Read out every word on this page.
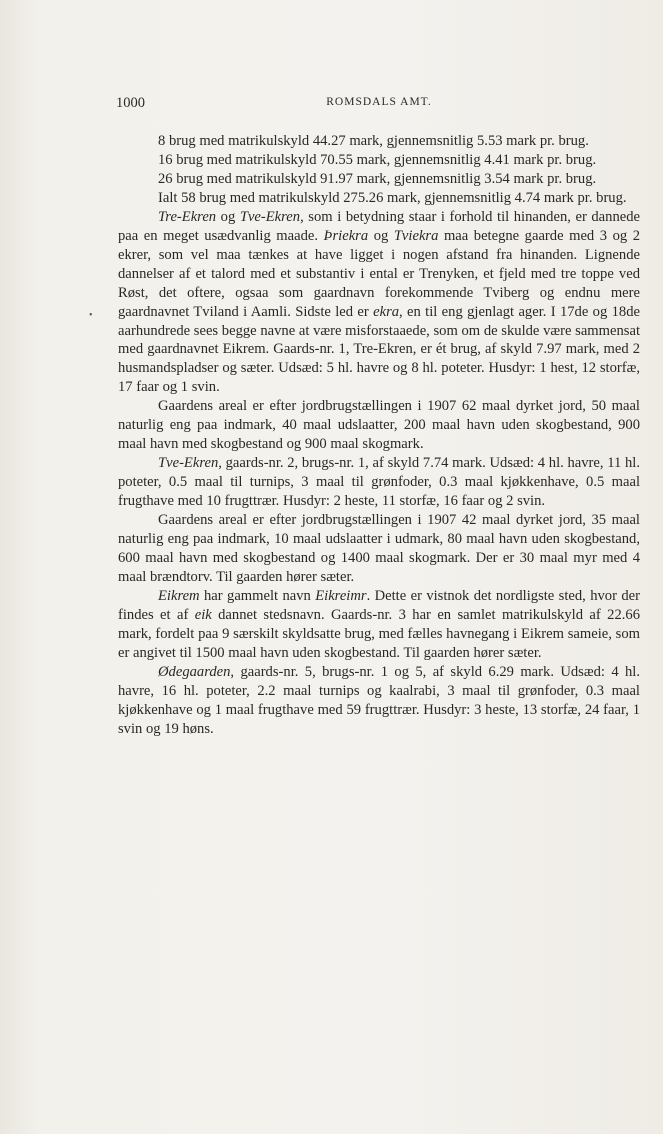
1000	ROMSDALS AMT.
•

8 brug med matrikulskyld 44.27 mark, gjennemsnitlig 5.53 mark pr. brug.

16 brug med matrikulskyld 70.55 mark, gjennemsnitlig 4.41 mark pr. brug.

26 brug med matrikulskyld 91.97 mark, gjennemsnitlig 3.54 mark pr. brug.

Ialt 58 brug med matrikulskyld 275.26 mark, gjennemsnitlig 4.74 mark pr. brug.

Tre-Ekren og Tve-Ekren, som i betydning staar i forhold til hinanden, er dannede paa en meget usædvanlig maade. Þriekra og Tviekra maa betegne gaarde med 3 og 2 ekrer, som vel maa tænkes at have ligget i nogen afstand fra hinanden. Lignende dannelser af et talord med et substantiv i ental er Trenyken, et fjeld med tre toppe ved Røst, det oftere, ogsaa som gaardnavn forekommende Tviberg og endnu mere gaardnavnet Tviland i Aamli. Sidste led er ekra, en til eng gjenlagt ager. I 17de og 18de aarhundrede sees begge navne at være misforstaaede, som om de skulde være sammensat med gaardnavnet Eikrem. Gaards-nr. 1, Tre-Ekren, er ét brug, af skyld 7.97 mark, med 2 husmandspladser og sæter. Udsæd: 5 hl. havre og 8 hl. poteter. Husdyr: 1 hest, 12 storfæ, 17 faar og 1 svin.

Gaardens areal er efter jordbrugstællingen i 1907 62 maal dyrket jord, 50 maal naturlig eng paa indmark, 40 maal udslaatter, 200 maal havn uden skogbestand, 900 maal havn med skogbestand og 900 maal skogmark.

Tve-Ekren, gaards-nr. 2, brugs-nr. 1, af skyld 7.74 mark. Udsæd: 4 hl. havre, 11 hl. poteter, 0.5 maal til turnips, 3 maal til grønfoder, 0.3 maal kjøkkenhave, 0.5 maal frugthave med 10 frugttrær. Husdyr: 2 heste, 11 storfæ, 16 faar og 2 svin.

Gaardens areal er efter jordbrugstællingen i 1907 42 maal dyrket jord, 35 maal naturlig eng paa indmark, 10 maal udslaatter i udmark, 80 maal havn uden skogbestand, 600 maal havn med skogbestand og 1400 maal skogmark. Der er 30 maal myr med 4 maal brændtorv. Til gaarden hører sæter.

Eikrem har gammelt navn Eikreimr. Dette er vistnok det nordligste sted, hvor der findes et af eik dannet stedsnavn. Gaards-nr. 3 har en samlet matrikulskyld af 22.66 mark, fordelt paa 9 særskilt skyldsatte brug, med fælles havnegang i Eikrem sameie, som er angivet til 1500 maal havn uden skogbestand. Til gaarden hører sæter.

Ødegaarden, gaards-nr. 5, brugs-nr. 1 og 5, af skyld 6.29 mark. Udsæd: 4 hl. havre, 16 hl. poteter, 2.2 maal turnips og kaalrabi, 3 maal til grønfoder, 0.3 maal kjøkkenhave og 1 maal frugthave med 59 frugttrær. Husdyr: 3 heste, 13 storfæ, 24 faar, 1 svin og 19 høns.
